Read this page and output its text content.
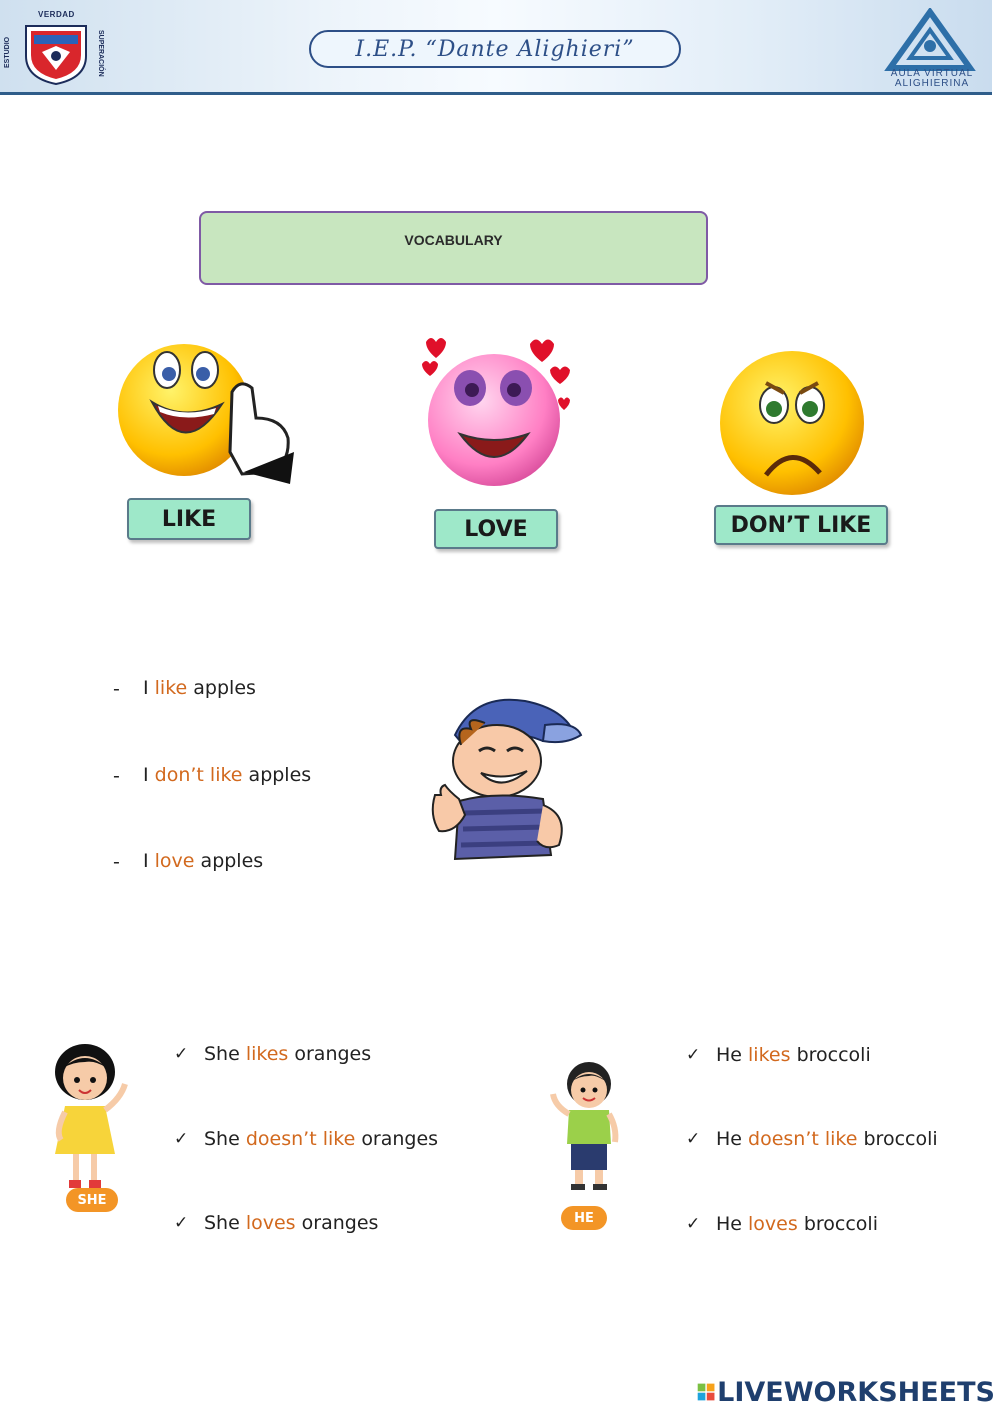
VERDAD
ESTUDIO	SUPERACIÓN	I.E.P. “Dante Alighieri”
AULA VIRTUAL
ALIGHIERINA
VOCABULARY
LIKE	LOVE	DON’T LIKE
- I like apples
- I don’t like apples
- I love apples
SHE
✓ She likes oranges
✓ She doesn’t like oranges
✓ She loves oranges	HE
✓ He likes broccoli
✓ He doesn’t like broccoli
✓ He loves broccoli
LIVEWORKSHEETS
